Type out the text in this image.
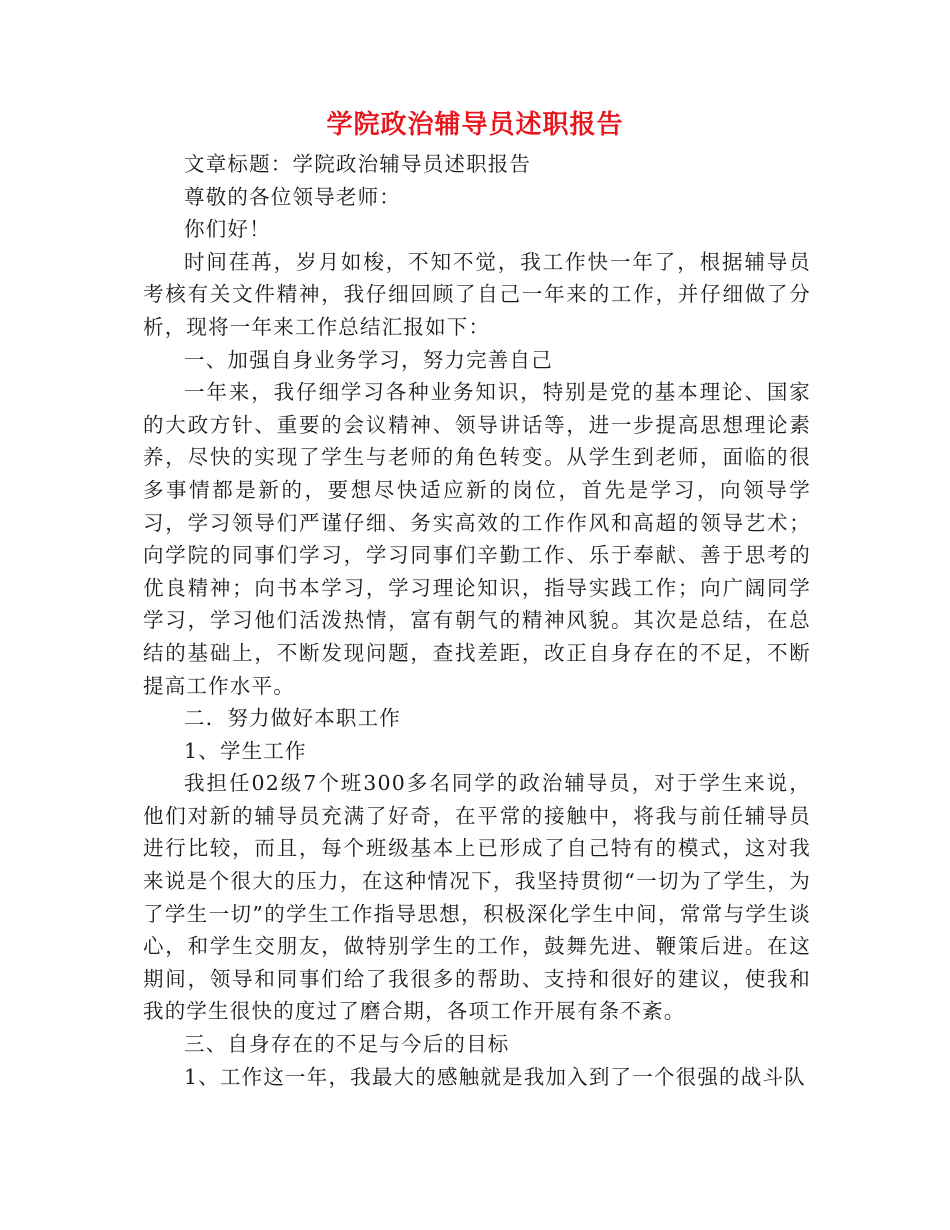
学院政治辅导员述职报告

文章标题：学院政治辅导员述职报告

尊敬的各位领导老师：

你们好！

时间荏苒，岁月如梭，不知不觉，我工作快一年了，根据辅导员考核有关文件精神，我仔细回顾了自己一年来的工作，并仔细做了分析，现将一年来工作总结汇报如下：

一、加强自身业务学习，努力完善自己

一年来，我仔细学习各种业务知识，特别是党的基本理论、国家的大政方针、重要的会议精神、领导讲话等，进一步提高思想理论素养，尽快的实现了学生与老师的角色转变。从学生到老师，面临的很多事情都是新的，要想尽快适应新的岗位，首先是学习，向领导学习，学习领导们严谨仔细、务实高效的工作作风和高超的领导艺术；向学院的同事们学习，学习同事们辛勤工作、乐于奉献、善于思考的优良精神；向书本学习，学习理论知识，指导实践工作；向广阔同学学习，学习他们活泼热情，富有朝气的精神风貌。其次是总结，在总结的基础上，不断发现问题，查找差距，改正自身存在的不足，不断提高工作水平。

二．努力做好本职工作

1、学生工作

我担任02级7个班300多名同学的政治辅导员，对于学生来说，他们对新的辅导员充满了好奇，在平常的接触中，将我与前任辅导员进行比较，而且，每个班级基本上已形成了自己特有的模式，这对我来说是个很大的压力，在这种情况下，我坚持贯彻“一切为了学生，为了学生一切”的学生工作指导思想，积极深化学生中间，常常与学生谈心，和学生交朋友，做特别学生的工作，鼓舞先进、鞭策后进。在这期间，领导和同事们给了我很多的帮助、支持和很好的建议，使我和我的学生很快的度过了磨合期，各项工作开展有条不紊。

三、自身存在的不足与今后的目标

1、工作这一年，我最大的感触就是我加入到了一个很强的战斗队
